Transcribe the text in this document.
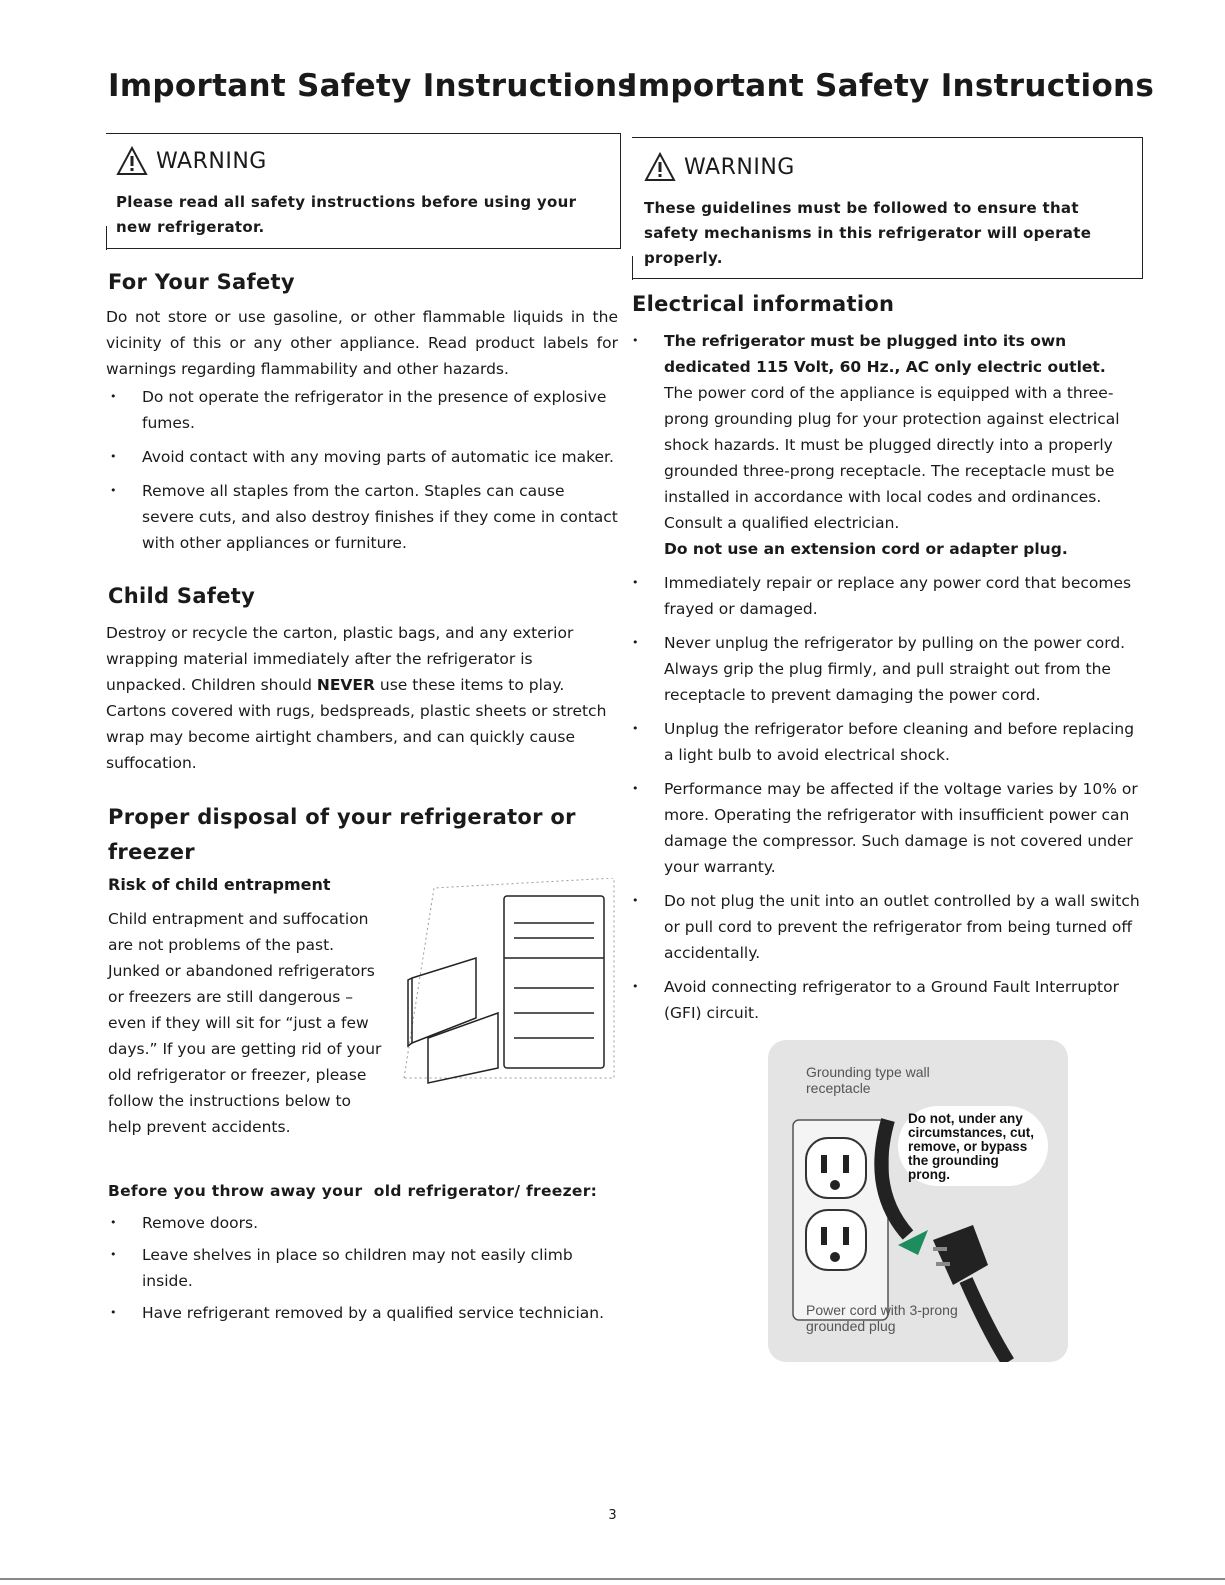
Important Safety Instructions
WARNING

Please read all safety instructions before using your new refrigerator.

For Your Safety

Do not store or use gasoline, or other flammable liquids in the vicinity of this or any other appliance. Read product labels for warnings regarding flammability and other hazards.

• Do not operate the refrigerator in the presence of explosive fumes.
• Avoid contact with any moving parts of automatic ice maker.
• Remove all staples from the carton. Staples can cause severe cuts, and also destroy finishes if they come in contact with other appliances or furniture.
Child Safety

Destroy or recycle the carton, plastic bags, and any exterior wrapping material immediately after the refrigerator is unpacked. Children should NEVER use these items to play. Cartons covered with rugs, bedspreads, plastic sheets or stretch wrap may become airtight chambers, and can quickly cause suffocation.

Proper disposal of your refrigerator or freezer
Risk of child entrapment

Child entrapment and suffocation are not problems of the past. Junked or abandoned refrigerators or freezers are still dangerous – even if they will sit for “just a few days.” If you are getting rid of your old refrigerator or freezer, please follow the instructions below to help prevent accidents.

Before you throw away your  old refrigerator/ freezer:
• Remove doors.
• Leave shelves in place so children may not easily climb inside.
• Have refrigerant removed by a qualified service technician.
Important Safety Instructions
WARNING

These guidelines must be followed to ensure that safety mechanisms in this refrigerator will operate properly.

Electrical information
• The refrigerator must be plugged into its own dedicated 115 Volt, 60 Hz., AC only electric outlet.
The power cord of the appliance is equipped with a three-prong grounding plug for your protection against electrical shock hazards. It must be plugged directly into a properly grounded three-prong receptacle. The receptacle must be installed in accordance with local codes and ordinances. Consult a qualified electrician.
Do not use an extension cord or adapter plug.
• Immediately repair or replace any power cord that becomes frayed or damaged.
• Never unplug the refrigerator by pulling on the power cord. Always grip the plug firmly, and pull straight out from the receptacle to prevent damaging the power cord.
• Unplug the refrigerator before cleaning and before replacing a light bulb to avoid electrical shock.
• Performance may be affected if the voltage varies by 10% or more. Operating the refrigerator with insufficient power can damage the compressor. Such damage is not covered under your warranty.
• Do not plug the unit into an outlet controlled by a wall switch or pull cord to prevent the refrigerator from being turned off accidentally.
• Avoid connecting refrigerator to a Ground Fault Interruptor (GFI) circuit.
Grounding type wall receptacle
Do not, under any circumstances, cut, remove, or bypass the grounding prong.
Power cord with 3-prong grounded plug
3
